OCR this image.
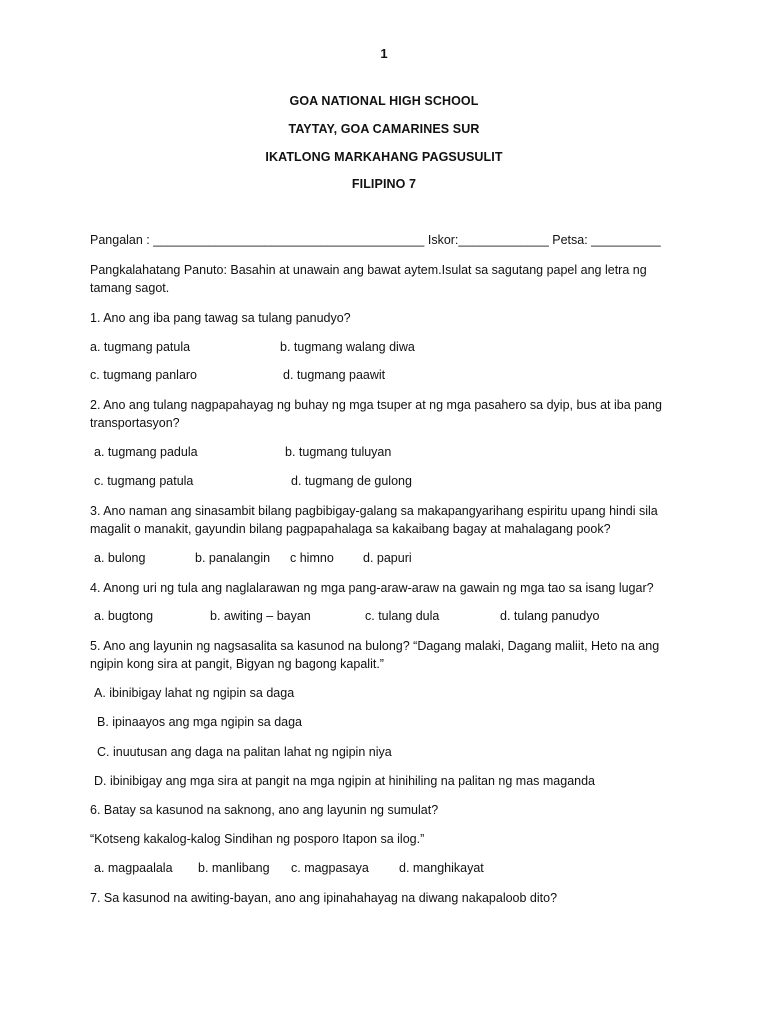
1
GOA NATIONAL HIGH SCHOOL
TAYTAY, GOA CAMARINES SUR
IKATLONG MARKAHANG PAGSUSULIT
FILIPINO 7
Pangalan : _______________________________________ Iskor:_____________ Petsa: __________
Pangkalahatang Panuto: Basahin at unawain ang bawat aytem.Isulat sa sagutang papel ang letra ng tamang sagot.
1. Ano ang iba pang tawag sa tulang panudyo?
a. tugmang patula	b. tugmang walang diwa
c. tugmang panlaro	d. tugmang paawit
2. Ano ang tulang nagpapahayag ng buhay ng mga tsuper at ng mga pasahero sa dyip, bus at iba pang transportasyon?
a. tugmang padula	b. tugmang tuluyan
c. tugmang patula	d. tugmang de gulong
3. Ano naman ang sinasambit bilang pagbibigay-galang sa makapangyarihang espiritu upang hindi sila magalit o manakit, gayundin bilang pagpapahalaga sa kakaibang bagay at mahalagang pook?
a. bulong	b. panalangin c himno d. papuri
4. Anong uri ng tula ang naglalarawan ng mga pang-araw-araw na gawain ng mga tao sa isang lugar?
a. bugtong	b. awiting – bayan	c. tulang dula	d. tulang panudyo
5. Ano ang layunin ng nagsasalita sa kasunod na bulong? “Dagang malaki, Dagang maliit, Heto na ang ngipin kong sira at pangit, Bigyan ng bagong kapalit.”
A. ibinibigay lahat ng ngipin sa daga
B. ipinaayos ang mga ngipin sa daga
C. inuutusan ang daga na palitan lahat ng ngipin niya
D. ibinibigay ang mga sira at pangit na mga ngipin at hinihiling na palitan ng mas maganda
6. Batay sa kasunod na saknong, ano ang layunin ng sumulat?
“Kotseng kakalog-kalog Sindihan ng posporo Itapon sa ilog.”
a. magpaalala b. manlibang c. magpasaya d. manghikayat
7. Sa kasunod na awiting-bayan, ano ang ipinahahayag na diwang nakapaloob dito?
